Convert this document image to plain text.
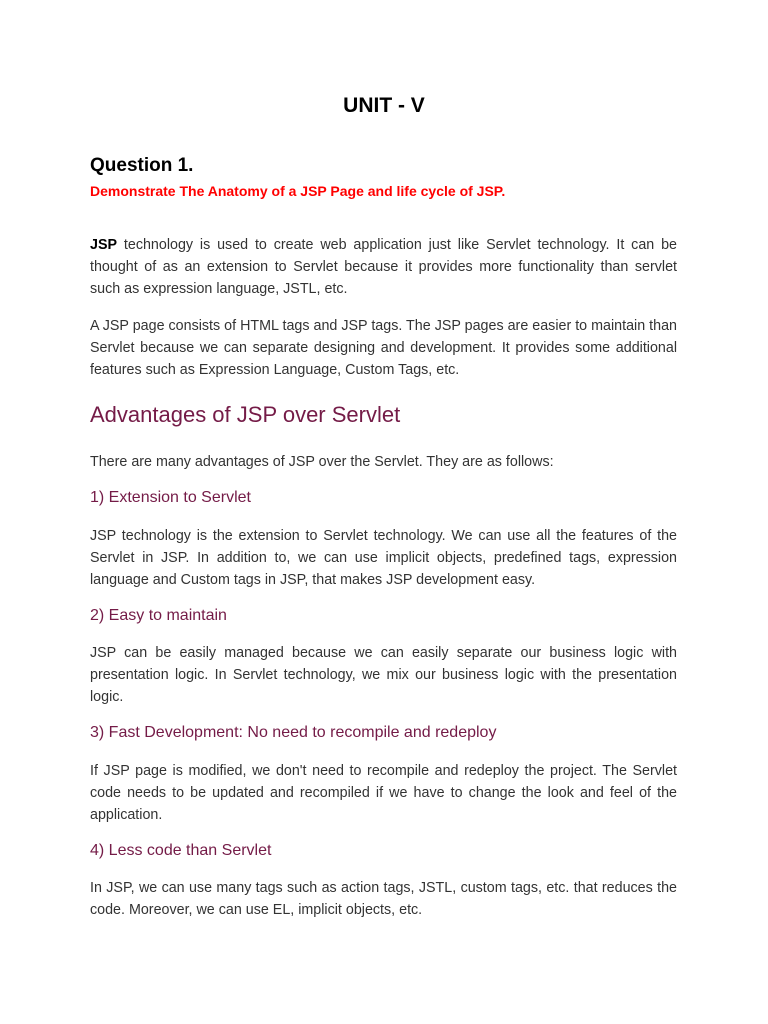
UNIT - V
Question 1.

Demonstrate The Anatomy of a JSP Page and life cycle of JSP.

JSP technology is used to create web application just like Servlet technology. It can be thought of as an extension to Servlet because it provides more functionality than servlet such as expression language, JSTL, etc.

A JSP page consists of HTML tags and JSP tags. The JSP pages are easier to maintain than Servlet because we can separate designing and development. It provides some additional features such as Expression Language, Custom Tags, etc.

Advantages of JSP over Servlet

There are many advantages of JSP over the Servlet. They are as follows:

1) Extension to Servlet

JSP technology is the extension to Servlet technology. We can use all the features of the Servlet in JSP. In addition to, we can use implicit objects, predefined tags, expression language and Custom tags in JSP, that makes JSP development easy.

2) Easy to maintain

JSP can be easily managed because we can easily separate our business logic with presentation logic. In Servlet technology, we mix our business logic with the presentation logic.

3) Fast Development: No need to recompile and redeploy

If JSP page is modified, we don't need to recompile and redeploy the project. The Servlet code needs to be updated and recompiled if we have to change the look and feel of the application.

4) Less code than Servlet

In JSP, we can use many tags such as action tags, JSTL, custom tags, etc. that reduces the code. Moreover, we can use EL, implicit objects, etc.
